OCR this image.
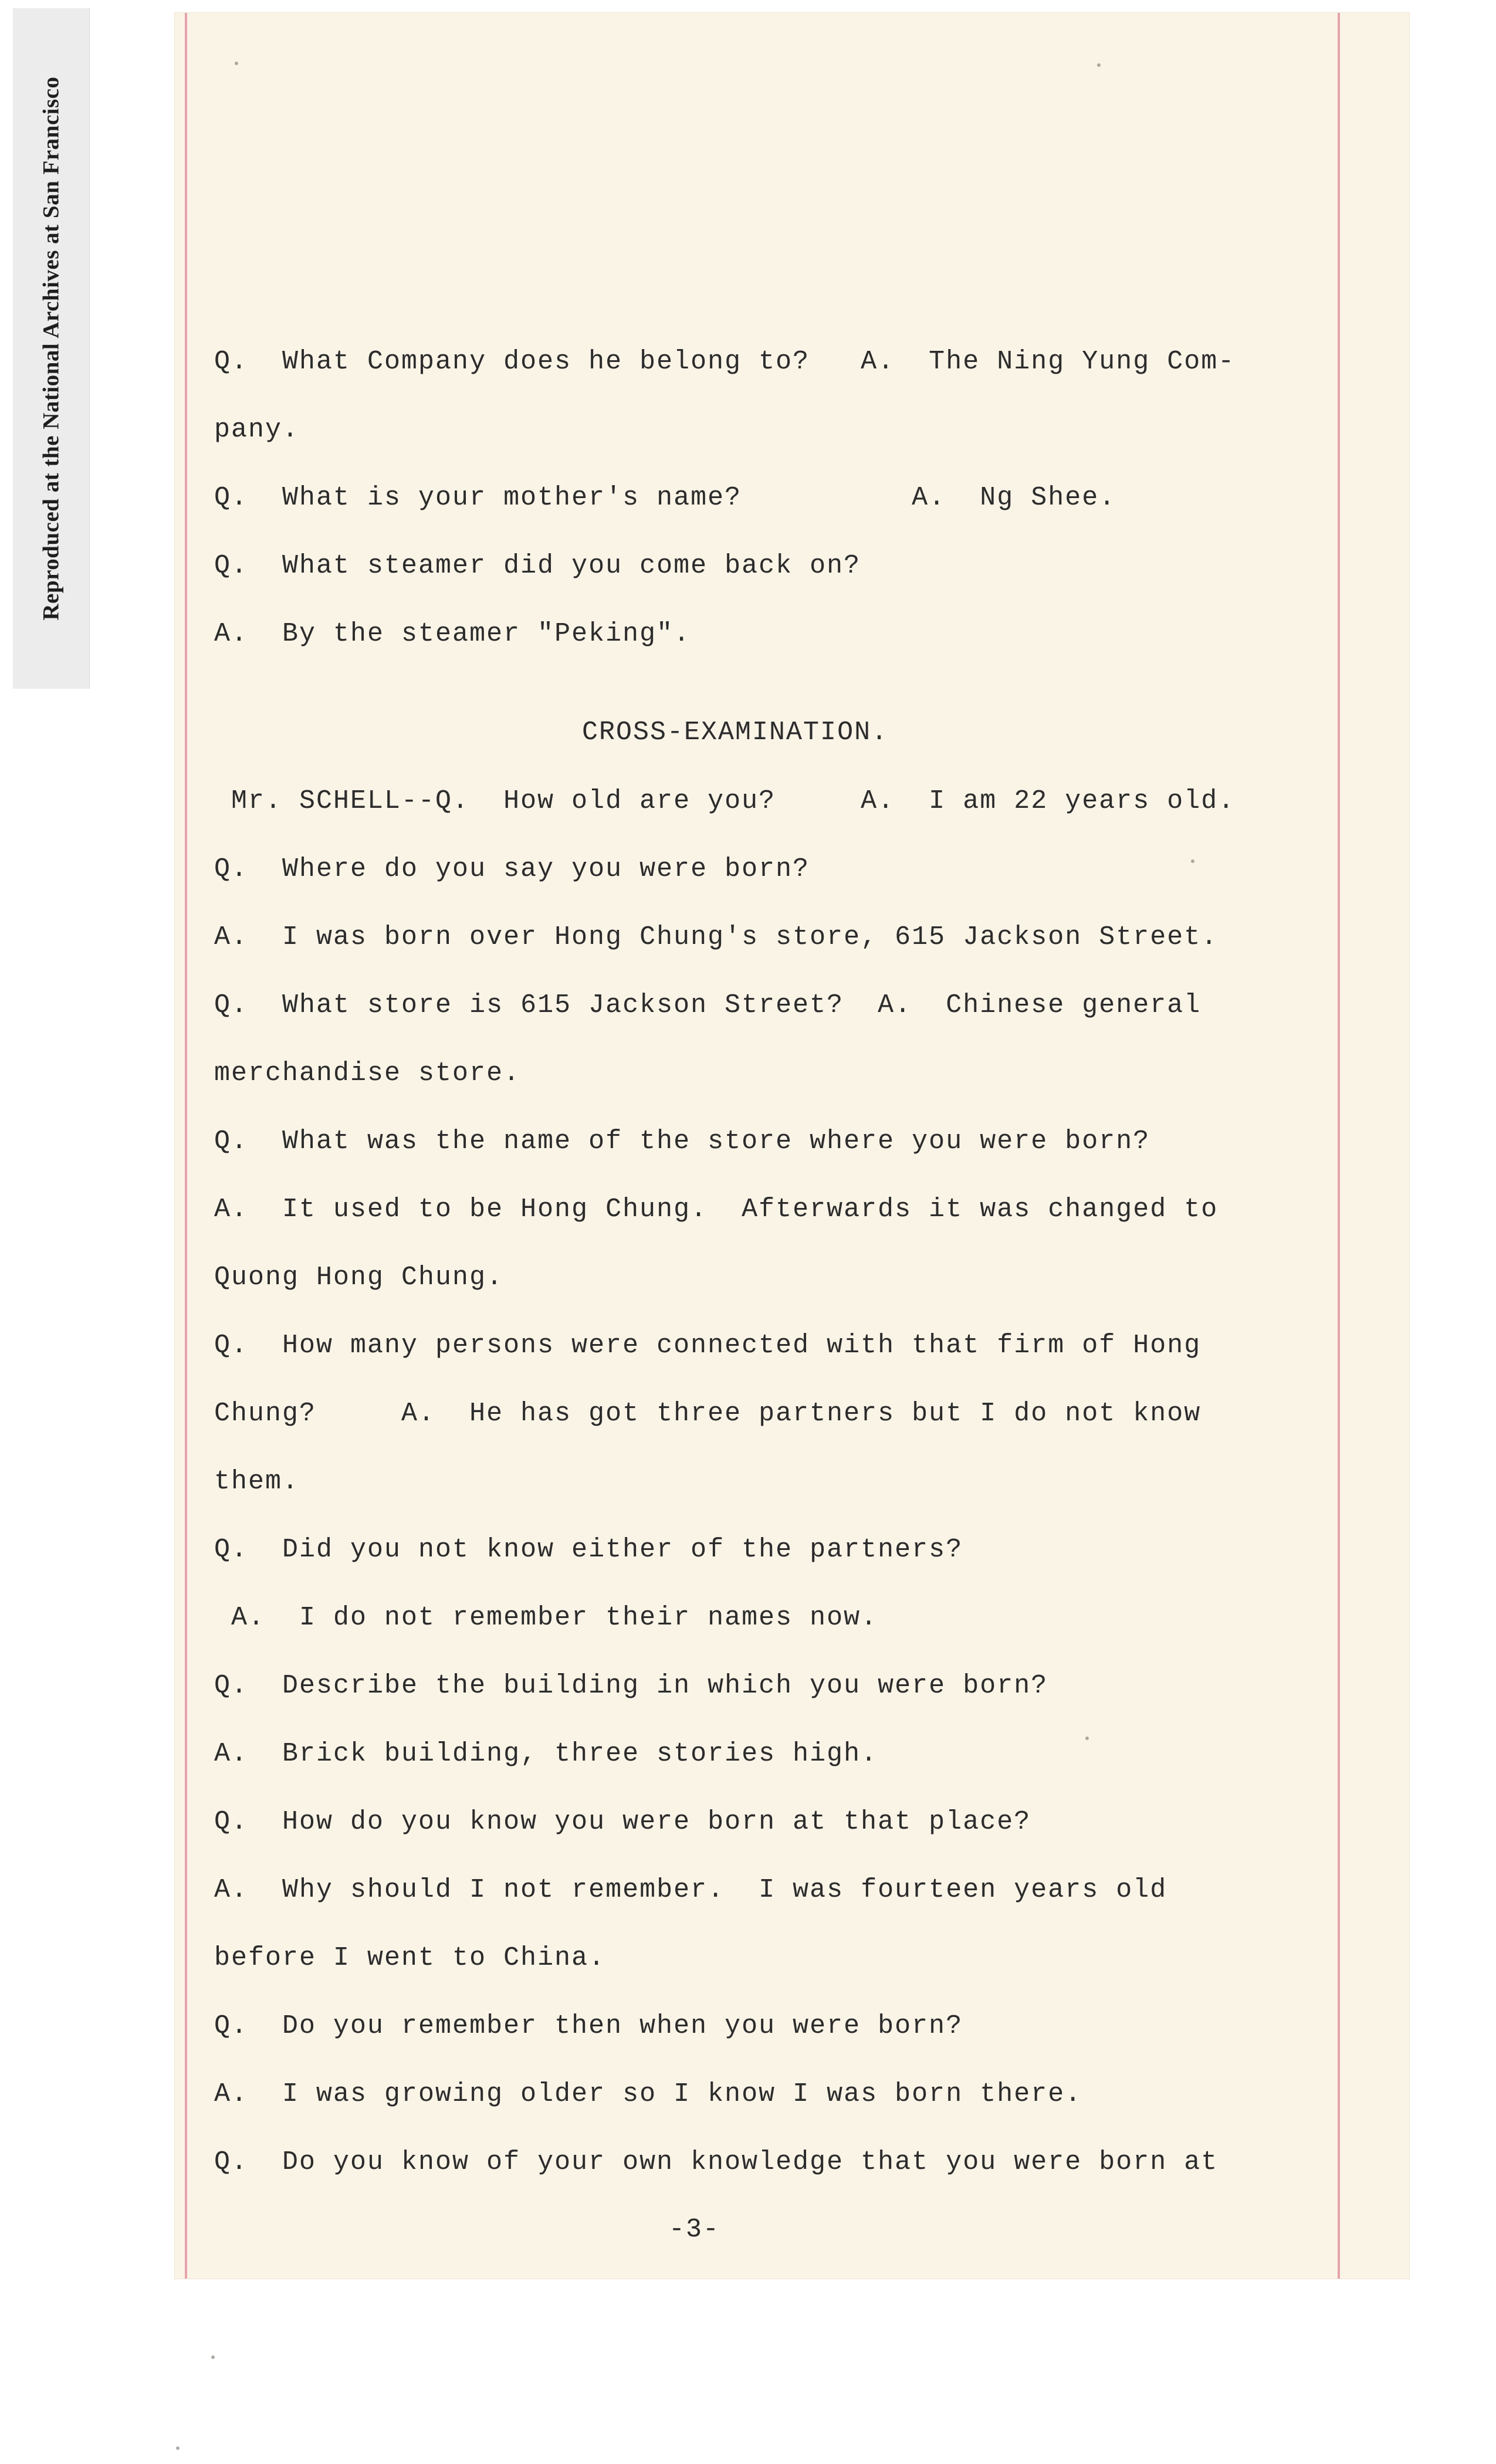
Reproduced at the National Archives at San Francisco	Q.  What Company does he belong to?   A.  The Ning Yung Com-
pany.
Q.  What is your mother's name?          A.  Ng Shee.
Q.  What steamer did you come back on?
A.  By the steamer "Peking".
CROSS-EXAMINATION.
Mr. SCHELL--Q.  How old are you?     A.  I am 22 years old.
Q.  Where do you say you were born?
A.  I was born over Hong Chung's store, 615 Jackson Street.
Q.  What store is 615 Jackson Street?  A.  Chinese general
merchandise store.
Q.  What was the name of the store where you were born?
A.  It used to be Hong Chung.  Afterwards it was changed to
Quong Hong Chung.
Q.  How many persons were connected with that firm of Hong
Chung?     A.  He has got three partners but I do not know
them.
Q.  Did you not know either of the partners?
A.  I do not remember their names now.
Q.  Describe the building in which you were born?
A.  Brick building, three stories high.
Q.  How do you know you were born at that place?
A.  Why should I not remember.  I was fourteen years old
before I went to China.
Q.  Do you remember then when you were born?
A.  I was growing older so I know I was born there.
Q.  Do you know of your own knowledge that you were born at
-3-
